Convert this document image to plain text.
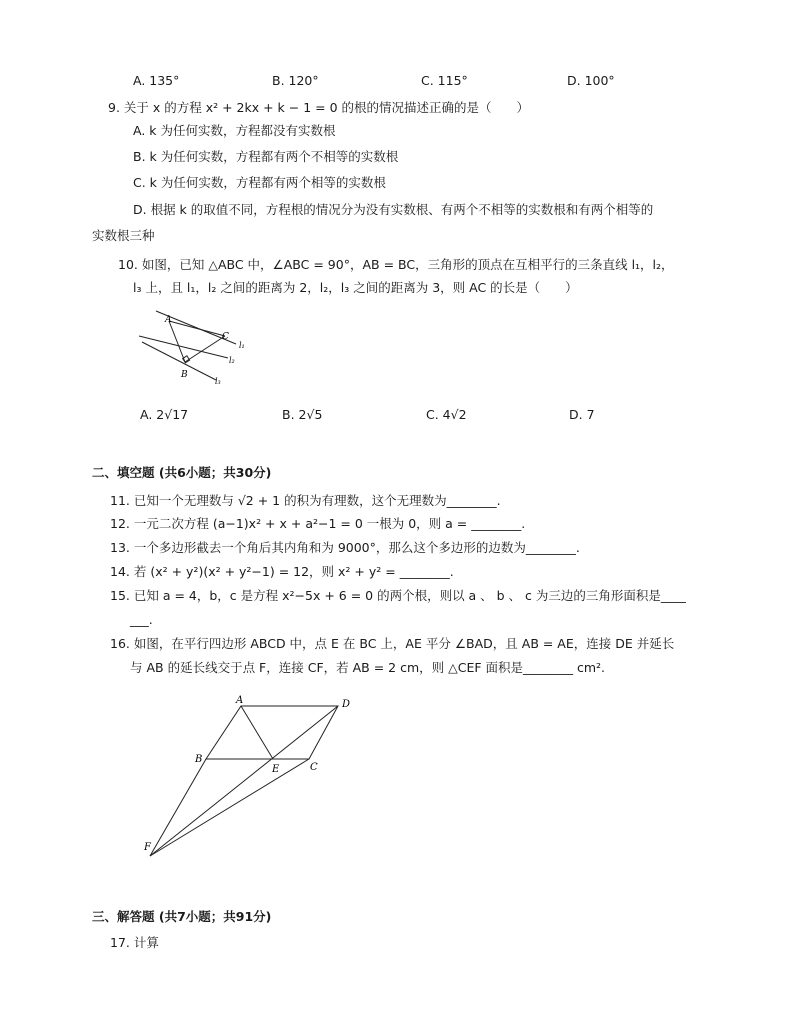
A. 135°	B. 120°	C. 115°	D. 100°
9. 关于 x 的方程 x² + 2kx + k − 1 = 0 的根的情况描述正确的是（　　）
A. k 为任何实数，方程都没有实数根
B. k 为任何实数，方程都有两个不相等的实数根
C. k 为任何实数，方程都有两个相等的实数根
D. 根据 k 的取值不同，方程根的情况分为没有实数根、有两个不相等的实数根和有两个相等的
实数根三种
10. 如图，已知 △ABC 中，∠ABC = 90°，AB = BC，三角形的顶点在互相平行的三条直线 l₁，l₂，
l₃ 上，且 l₁，l₂ 之间的距离为 2，l₂，l₃ 之间的距离为 3，则 AC 的长是（　　）
A
C
B
l₁
l₂
l₃
A. 2√17	B. 2√5	C. 4√2	D. 7
二、填空题 (共6小题；共30分)
11. 已知一个无理数与 √2 + 1 的积为有理数，这个无理数为________.
12. 一元二次方程 (a−1)x² + x + a²−1 = 0 一根为 0，则 a = ________.
13. 一个多边形截去一个角后其内角和为 9000°，那么这个多边形的边数为________.
14. 若 (x² + y²)(x² + y²−1) = 12，则 x² + y² = ________.
15. 已知 a = 4，b，c 是方程 x²−5x + 6 = 0 的两个根，则以 a 、 b 、 c 为三边的三角形面积是____
___.
16. 如图，在平行四边形 ABCD 中，点 E 在 BC 上，AE 平分 ∠BAD，且 AB = AE，连接 DE 并延长
与 AB 的延长线交于点 F，连接 CF，若 AB = 2 cm，则 △CEF 面积是________ cm².
A	D
B
E	C
F
三、解答题 (共7小题；共91分)
17. 计算
